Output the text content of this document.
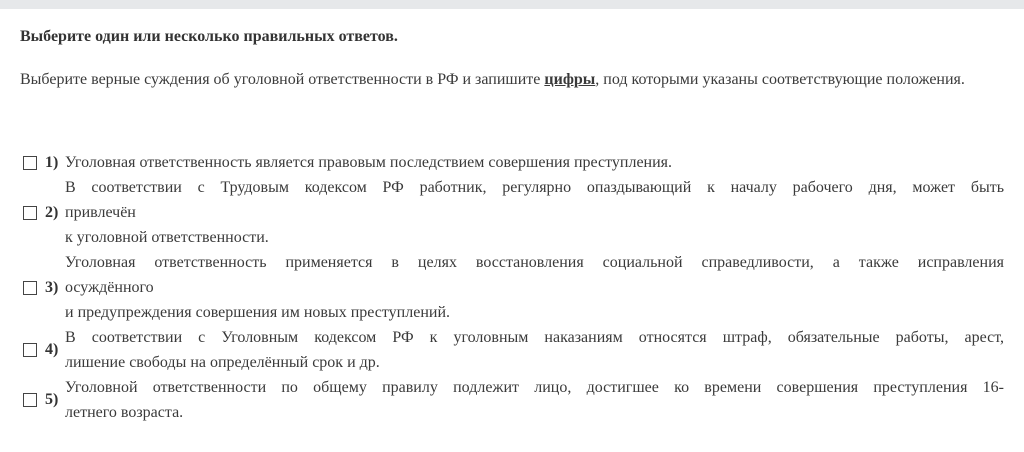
Выберите один или несколько правильных ответов.
Выберите верные суждения об уголовной ответственности в РФ и запишите цифры, под которыми указаны соответствующие положения.
1) Уголовная ответственность является правовым последствием совершения преступления.
2)
В соответствии с Трудовым кодексом РФ работник, регулярно опаздывающий к началу рабочего дня, может быть
привлечён
к уголовной ответственности.
3)
Уголовная ответственность применяется в целях восстановления социальной справедливости, а также исправления
осуждённого
и предупреждения совершения им новых преступлений.
4)
В соответствии с Уголовным кодексом РФ к уголовным наказаниям относятся штраф, обязательные работы, арест,
лишение свободы на определённый срок и др.
5)
Уголовной ответственности по общему правилу подлежит лицо, достигшее ко времени совершения преступления 16-
летнего возраста.
